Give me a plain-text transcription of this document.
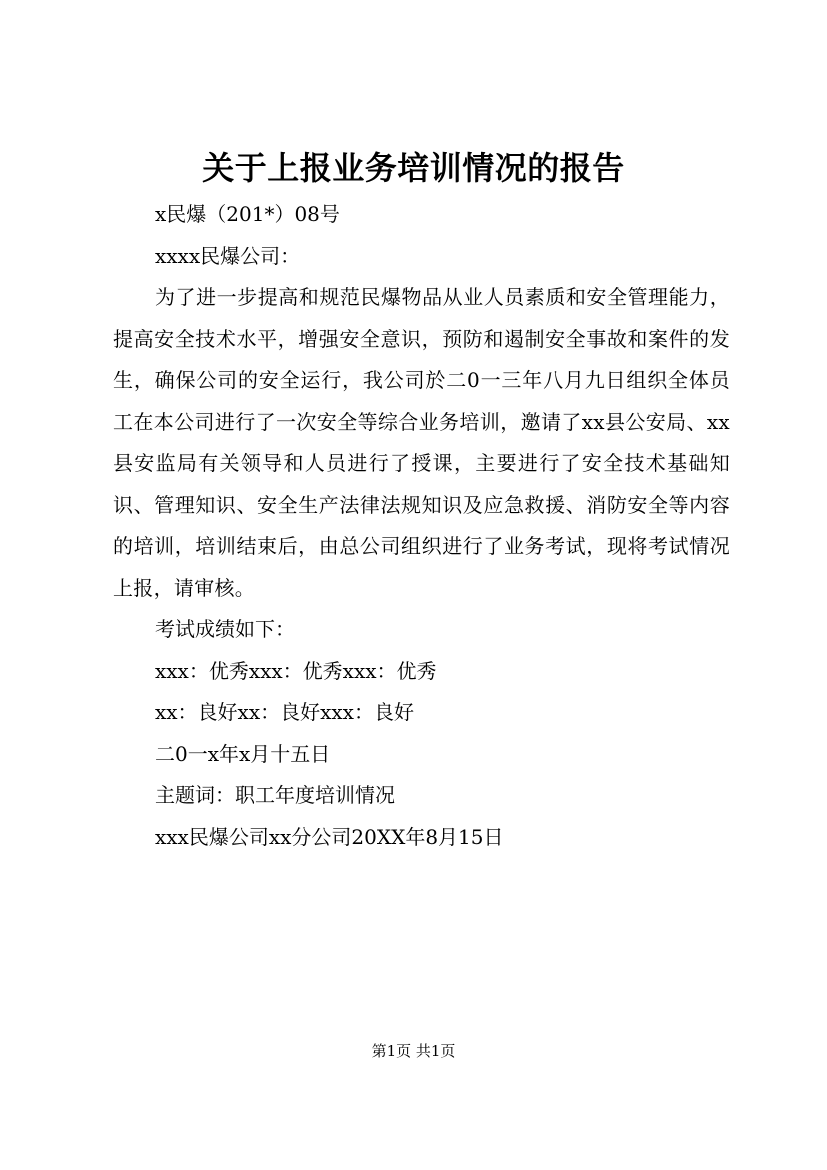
关于上报业务培训情况的报告

x民爆（201*）08号

xxxx民爆公司：

为了进一步提高和规范民爆物品从业人员素质和安全管理能力，提高安全技术水平，增强安全意识，预防和遏制安全事故和案件的发生，确保公司的安全运行，我公司於二0一三年八月九日组织全体员工在本公司进行了一次安全等综合业务培训，邀请了xx县公安局、xx县安监局有关领导和人员进行了授课，主要进行了安全技术基础知识、管理知识、安全生产法律法规知识及应急救援、消防安全等内容的培训，培训结束后，由总公司组织进行了业务考试，现将考试情况上报，请审核。

考试成绩如下：

xxx：优秀xxx：优秀xxx：优秀

xx：良好xx：良好xxx：良好

二0一x年x月十五日

主题词：职工年度培训情况

xxx民爆公司xx分公司20XX年8月15日

第1页 共1页
